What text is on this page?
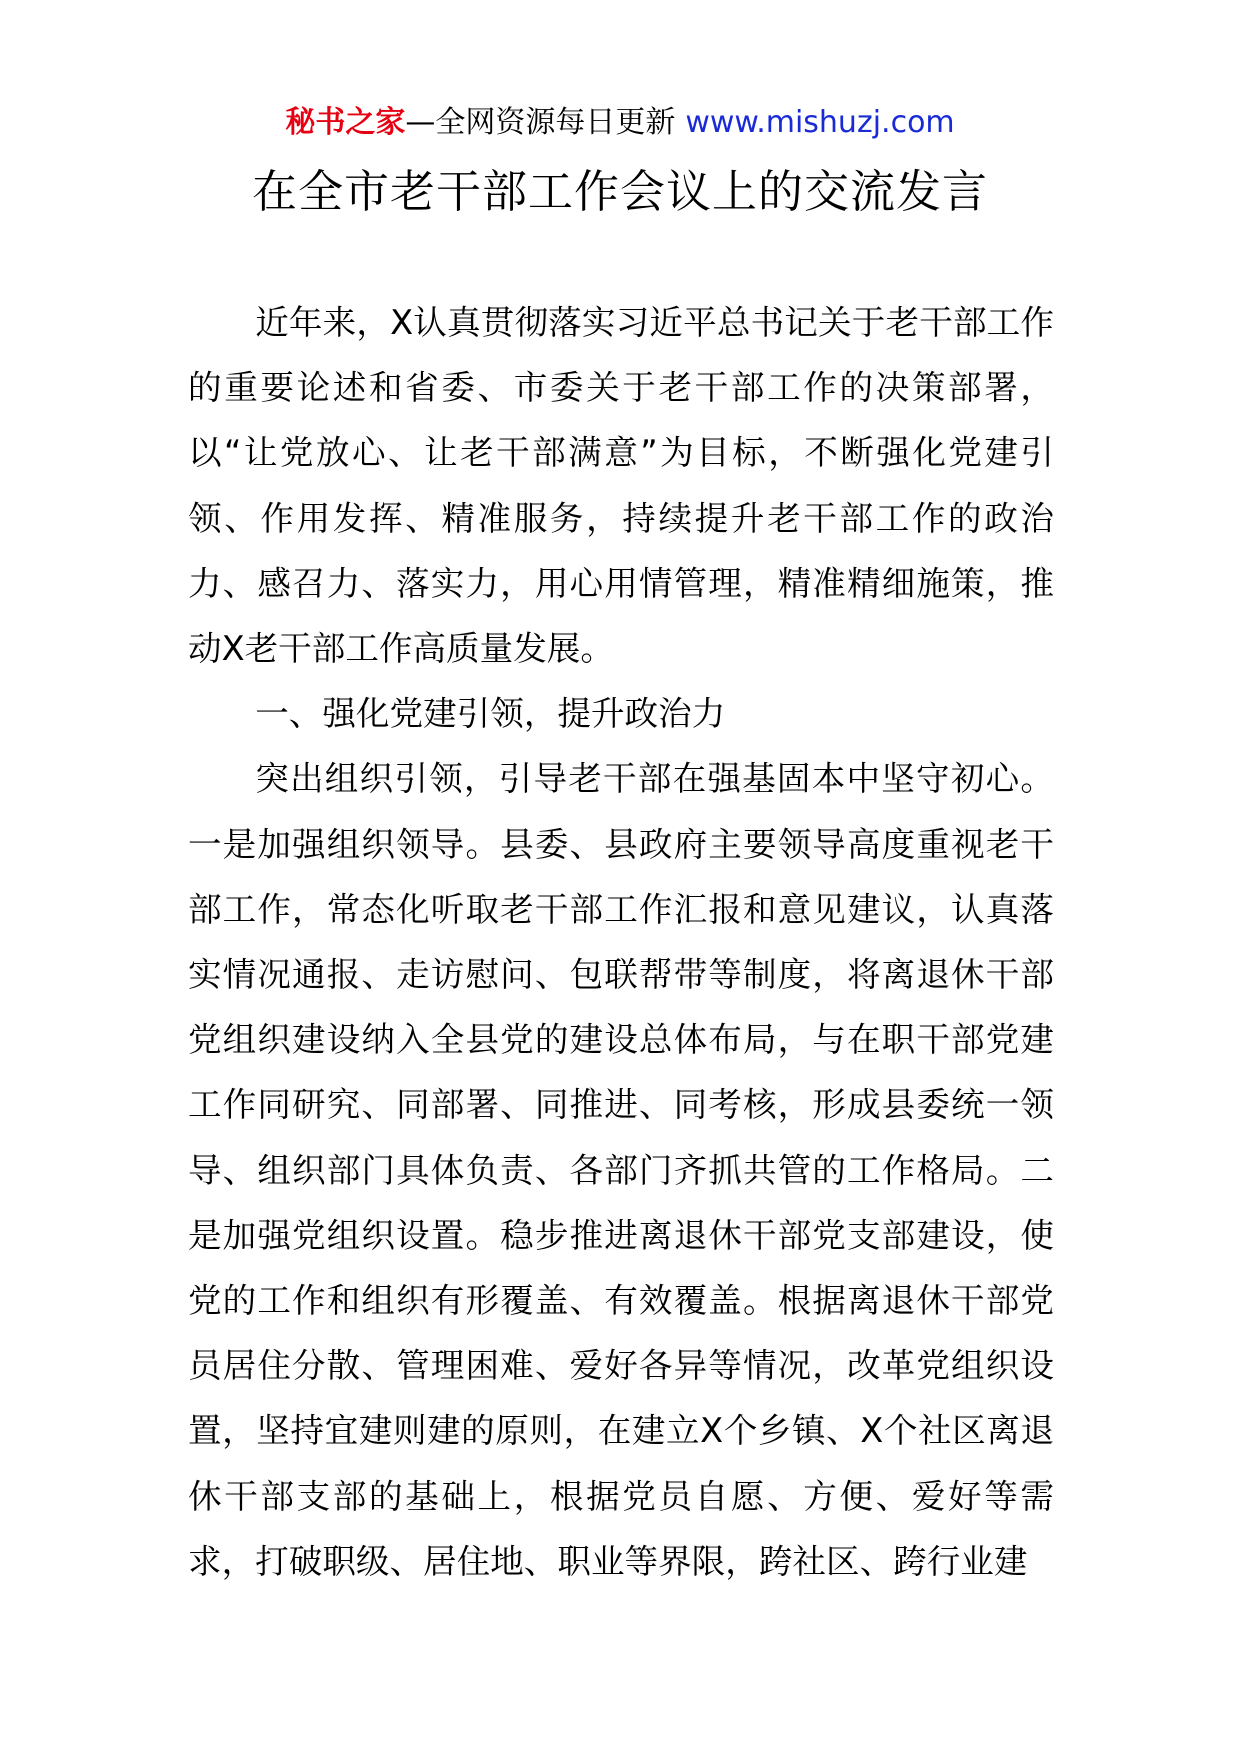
秘书之家—全网资源每日更新 www.mishuzj.com
在全市老干部工作会议上的交流发言

近年来，X认真贯彻落实习近平总书记关于老干部工作的重要论述和省委、市委关于老干部工作的决策部署，以“让党放心、让老干部满意”为目标，不断强化党建引领、作用发挥、精准服务，持续提升老干部工作的政治力、感召力、落实力，用心用情管理，精准精细施策，推动X老干部工作高质量发展。

一、强化党建引领，提升政治力

突出组织引领，引导老干部在强基固本中坚守初心。一是加强组织领导。县委、县政府主要领导高度重视老干部工作，常态化听取老干部工作汇报和意见建议，认真落实情况通报、走访慰问、包联帮带等制度，将离退休干部党组织建设纳入全县党的建设总体布局，与在职干部党建工作同研究、同部署、同推进、同考核，形成县委统一领导、组织部门具体负责、各部门齐抓共管的工作格局。二是加强党组织设置。稳步推进离退休干部党支部建设，使党的工作和组织有形覆盖、有效覆盖。根据离退休干部党员居住分散、管理困难、爱好各异等情况，改革党组织设置，坚持宜建则建的原则，在建立X个乡镇、X个社区离退休干部支部的基础上，根据党员自愿、方便、爱好等需求，打破职级、居住地、职业等界限，跨社区、跨行业建
